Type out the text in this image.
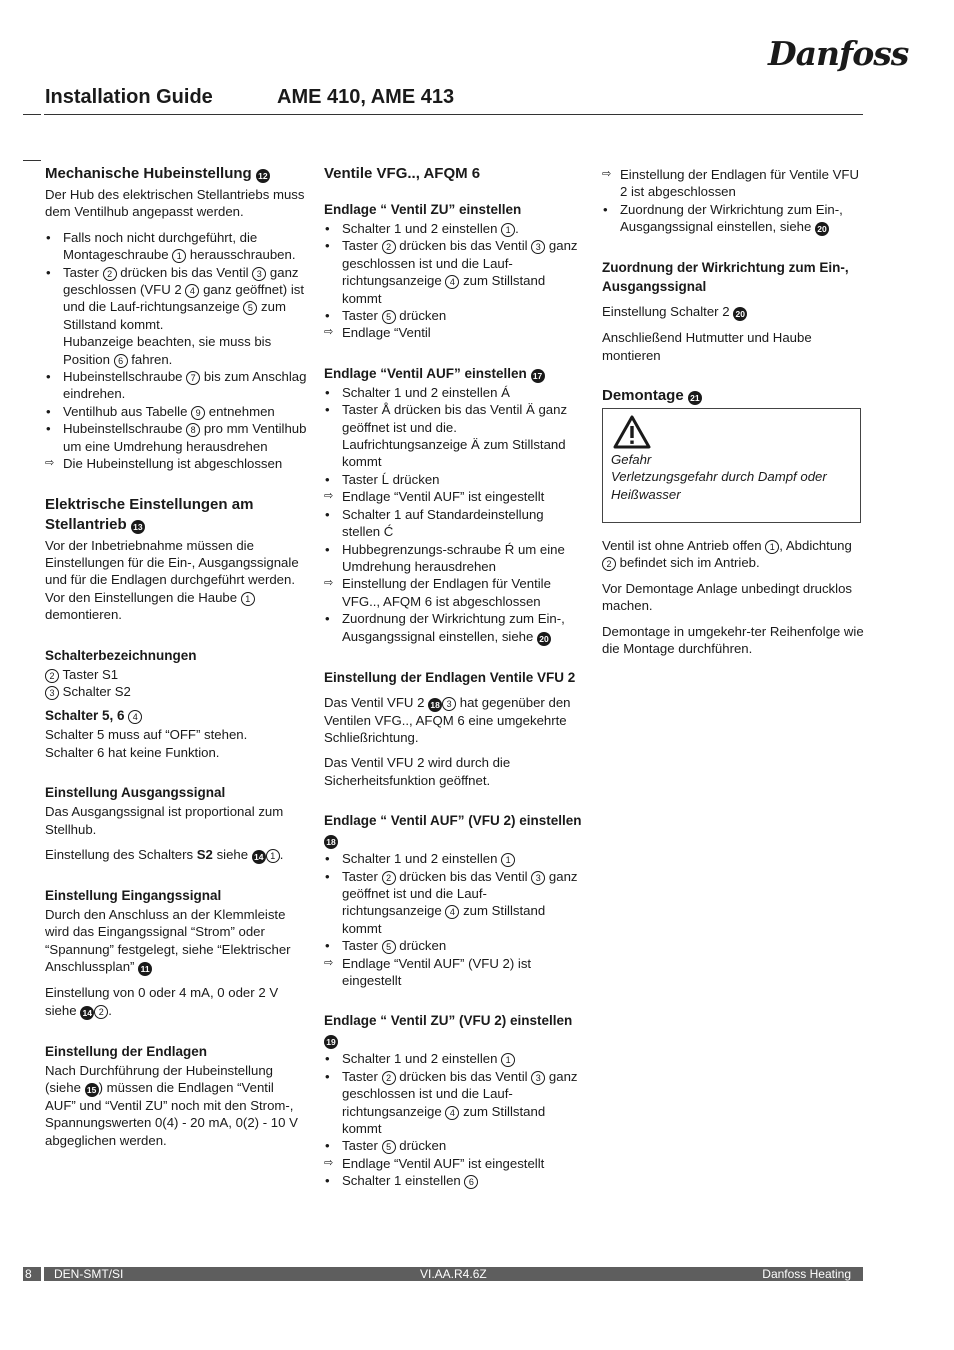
Danfoss
Installation Guide	AME 410, AME 413
Mechanische Hubeinstellung 12

Der Hub des elektrischen Stellantriebs muss dem Ventilhub angepasst werden.

• Falls noch nicht durchgeführt, die Montageschraube 1 herausschrauben.
• Taster 2 drücken bis das Ventil 3 ganz geschlossen (VFU 2 4 ganz geöffnet) ist und die Lauf-richtungsanzeige 5 zum Stillstand kommt.
Hubanzeige beachten, sie muss bis Position 6 fahren.
• Hubeinstellschraube 7 bis zum Anschlag eindrehen.
• Ventilhub aus Tabelle 9 entnehmen
• Hubeinstellschraube 8 pro mm Ventilhub um eine Umdrehung herausdrehen
⇨ Die Hubeinstellung ist abgeschlossen
Elektrische Einstellungen am Stellantrieb 13

Vor der Inbetriebnahme müssen die Einstellungen für die Ein-, Ausgangssignale und für die Endlagen durchgeführt werden.

Vor den Einstellungen die Haube 1 demontieren.

Schalterbezeichnungen
2 Taster S1
3 Schalter S2
Schalter 5, 6 4
Schalter 5 muss auf “OFF” stehen.
Schalter 6 hat keine Funktion.
Einstellung Ausgangssignal

Das Ausgangssignal ist proportional zum Stellhub.

Einstellung des Schalters S2 siehe 14 1 .

Einstellung Eingangssignal

Durch den Anschluss an der Klemmleiste wird das Eingangssignal “Strom” oder “Spannung” festgelegt, siehe “Elektrischer Anschlussplan” 11

Einstellung von 0 oder 4 mA, 0 oder 2 V siehe 14 2 .

Einstellung der Endlagen

Nach Durchführung der Hubeinstellung (siehe 15 ) müssen die Endlagen “Ventil AUF” und “Ventil ZU” noch mit den Strom-, Spannungswerten 0(4) - 20 mA, 0(2) - 10 V abgeglichen werden.

Ventile VFG.., AFQM 6
Endlage “ Ventil ZU” einstellen
• Schalter 1 und 2 einstellen 1 .
• Taster 2 drücken bis das Ventil 3 ganz geschlossen ist und die Lauf-richtungsanzeige 4 zum Stillstand kommt
• Taster 5 drücken
⇨ Endlage “Ventil
Endlage “Ventil AUF” einstellen 17
• Schalter 1 und 2 einstellen Á
• Taster Å drücken bis das Ventil Ä ganz geöffnet ist und die. Laufrichtungsanzeige Ä zum Stillstand kommt
• Taster Ĺ drücken
⇨ Endlage “Ventil AUF” ist eingestellt
• Schalter 1 auf Standardeinstellung stellen Ć
• Hubbegrenzungs-schraube Ŕ um eine Umdrehung herausdrehen
⇨ Einstellung der Endlagen für Ventile VFG.., AFQM 6 ist abgeschlossen
• Zuordnung der Wirkrichtung zum Ein-, Ausgangssignal einstellen, siehe 20
Einstellung der Endlagen Ventile VFU 2

Das Ventil VFU 2 18 3 hat gegenüber den Ventilen VFG.., AFQM 6 eine umgekehrte Schließrichtung.

Das Ventil VFU 2 wird durch die Sicherheitsfunktion geöffnet.

Endlage “ Ventil AUF” (VFU 2) einstellen 18
• Schalter 1 und 2 einstellen 1
• Taster 2 drücken bis das Ventil 3 ganz geöffnet ist und die Lauf-richtungsanzeige 4 zum Stillstand kommt
• Taster 5 drücken
⇨ Endlage “Ventil AUF” (VFU 2) ist eingestellt
Endlage “ Ventil ZU” (VFU 2) einstellen 19
• Schalter 1 und 2 einstellen 1
• Taster 2 drücken bis das Ventil 3 ganz geschlossen ist und die Lauf-richtungsanzeige 4 zum Stillstand kommt
• Taster 5 drücken
⇨ Endlage “Ventil AUF” ist eingestellt
• Schalter 1 einstellen 6
⇨ Einstellung der Endlagen für Ventile VFU 2 ist abgeschlossen
• Zuordnung der Wirkrichtung zum Ein-, Ausgangssignal einstellen, siehe 20
Zuordnung der Wirkrichtung zum Ein-, Ausgangssignal

Einstellung Schalter 2 20

Anschließend Hutmutter und Haube montieren

Demontage 21
Gefahr
Verletzungsgefahr durch Dampf oder Heißwasser

Ventil ist ohne Antrieb offen 1 , Abdichtung 2 befindet sich im Antrieb.

Vor Demontage Anlage unbedingt drucklos machen.

Demontage in umgekehr-ter Reihenfolge wie die Montage durchführen.

8	DEN-SMT/SI	VI.AA.R4.6Z	Danfoss Heating
